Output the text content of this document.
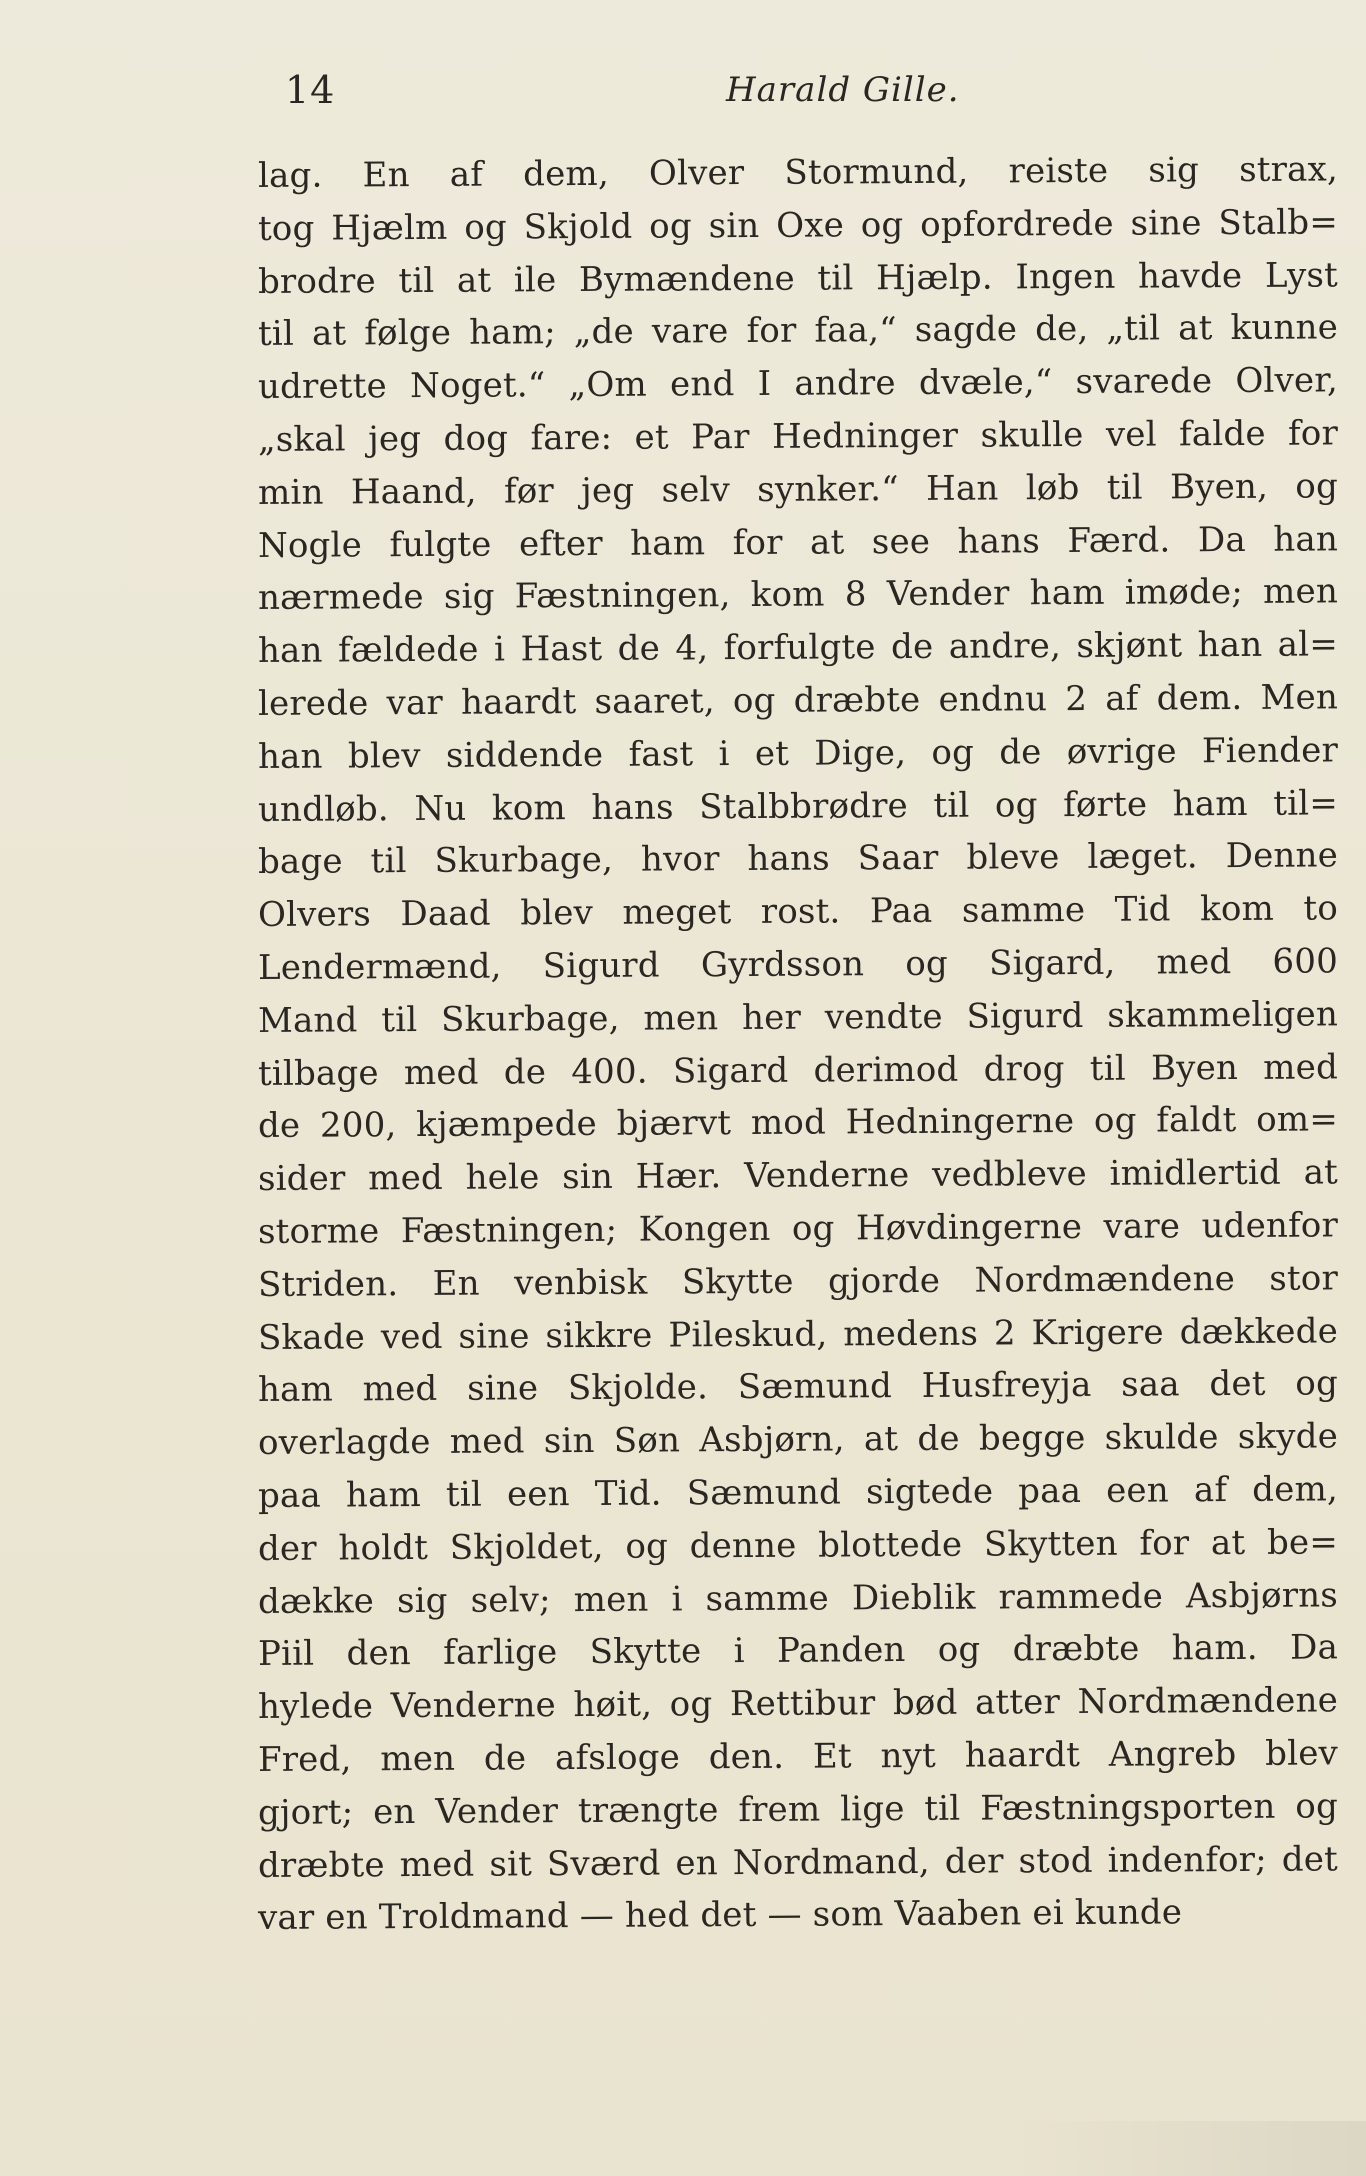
14	Harald Gille.
lag. En af dem, Olver Stormund, reiste sig strax,
tog Hjælm og Skjold og sin Oxe og opfordrede sine Stalb=
brodre til at ile Bymændene til Hjælp. Ingen havde Lyst
til at følge ham; „de vare for faa,“ sagde de, „til at kunne
udrette Noget.“ „Om end I andre dvæle,“ svarede Olver,
„skal jeg dog fare: et Par Hedninger skulle vel falde for
min Haand, før jeg selv synker.“ Han løb til Byen, og
Nogle fulgte efter ham for at see hans Færd. Da han
nærmede sig Fæstningen, kom 8 Vender ham imøde; men
han fældede i Hast de 4, forfulgte de andre, skjønt han al=
lerede var haardt saaret, og dræbte endnu 2 af dem. Men
han blev siddende fast i et Dige, og de øvrige Fiender
undløb. Nu kom hans Stalbbrødre til og førte ham til=
bage til Skurbage, hvor hans Saar bleve læget. Denne
Olvers Daad blev meget rost. Paa samme Tid kom to
Lendermænd, Sigurd Gyrdsson og Sigard, med 600
Mand til Skurbage, men her vendte Sigurd skammeligen
tilbage med de 400. Sigard derimod drog til Byen med
de 200, kjæmpede bjærvt mod Hedningerne og faldt om=
sider med hele sin Hær. Venderne vedbleve imidlertid at
storme Fæstningen; Kongen og Høvdingerne vare udenfor
Striden. En venbisk Skytte gjorde Nordmændene stor
Skade ved sine sikkre Pileskud, medens 2 Krigere dækkede
ham med sine Skjolde. Sæmund Husfreyja saa det og
overlagde med sin Søn Asbjørn, at de begge skulde skyde
paa ham til een Tid. Sæmund sigtede paa een af dem,
der holdt Skjoldet, og denne blottede Skytten for at be=
dække sig selv; men i samme Dieblik rammede Asbjørns
Piil den farlige Skytte i Panden og dræbte ham. Da
hylede Venderne høit, og Rettibur bød atter Nordmændene
Fred, men de afsloge den. Et nyt haardt Angreb blev
gjort; en Vender trængte frem lige til Fæstningsporten og
dræbte med sit Sværd en Nordmand, der stod indenfor; det
var en Troldmand — hed det — som Vaaben ei kunde
